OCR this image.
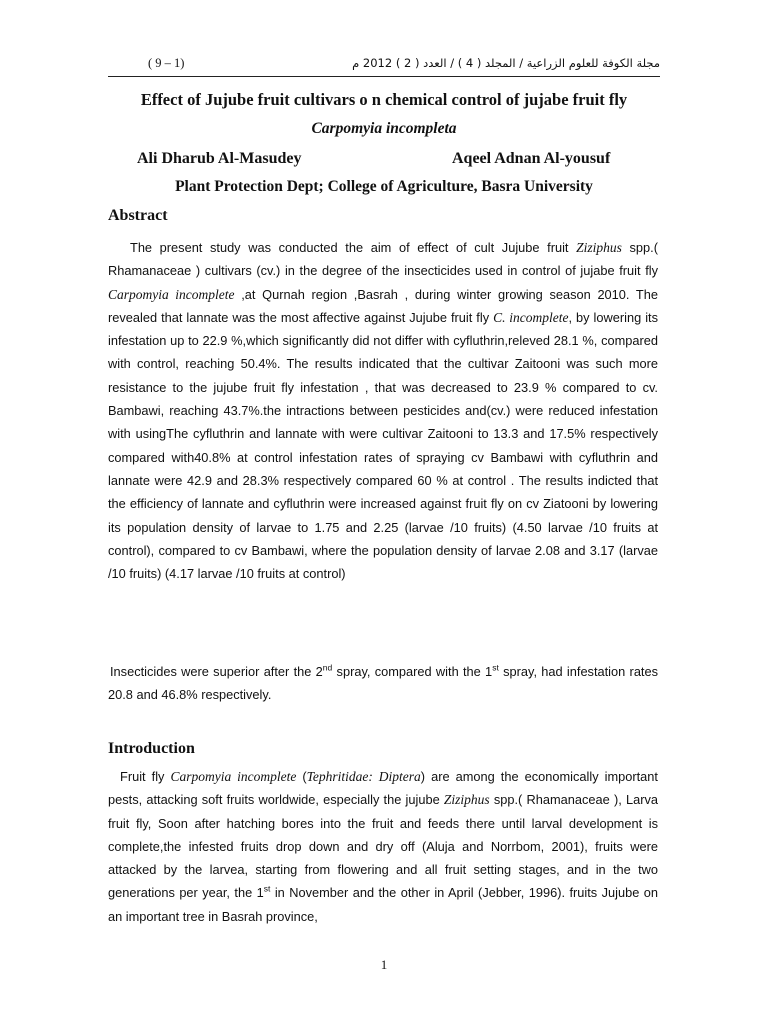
( 9 – 1)	مجلة الكوفة للعلوم الزراعية / المجلد ( 4 ) / العدد ( 2 ) 2012 م
Effect of Jujube fruit cultivars o n chemical control of jujabe fruit fly
Carpomyia incompleta
Ali Dharub Al-Masudey	Aqeel Adnan Al-yousuf
Plant Protection Dept; College of Agriculture, Basra University
Abstract
The present study was conducted the aim of effect of cult Jujube fruit Ziziphus spp.( Rhamanaceae ) cultivars (cv.) in the degree of the insecticides used in control of jujabe fruit fly Carpomyia incomplete ,at Qurnah region ,Basrah , during winter growing season 2010. The revealed that lannate was the most affective against Jujube fruit fly C. incomplete, by lowering its infestation up to 22.9 %,which significantly did not differ with cyfluthrin,releved 28.1 %, compared with control, reaching 50.4%. The results indicated that the cultivar Zaitooni was such more resistance to the jujube fruit fly infestation , that was decreased to 23.9 % compared to cv. Bambawi, reaching 43.7%.the intractions between pesticides and(cv.) were reduced infestation with usingThe cyfluthrin and lannate with were cultivar Zaitooni to 13.3 and 17.5% respectively compared with40.8% at control infestation rates of spraying cv Bambawi with cyfluthrin and lannate were 42.9 and 28.3% respectively compared 60 % at control . The results indicted that the efficiency of lannate and cyfluthrin were increased against fruit fly on cv Ziatooni by lowering its population density of larvae to 1.75 and 2.25 (larvae /10 fruits) (4.50 larvae /10 fruits at control), compared to cv Bambawi, where the population density of larvae 2.08 and 3.17 (larvae /10 fruits) (4.17 larvae /10 fruits at control)
Insecticides were superior after the 2nd spray, compared with the 1st spray, had infestation rates 20.8 and 46.8% respectively.
Introduction
Fruit fly Carpomyia incomplete (Tephritidae: Diptera) are among the economically important pests, attacking soft fruits worldwide, especially the jujube Ziziphus spp.( Rhamanaceae ), Larva fruit fly, Soon after hatching bores into the fruit and feeds there until larval development is complete,the infested fruits drop down and dry off (Aluja and Norrbom, 2001), fruits were attacked by the larvea, starting from flowering and all fruit setting stages, and in the two generations per year, the 1st in November and the other in April (Jebber, 1996). fruits Jujube on an important tree in Basrah province,
1
